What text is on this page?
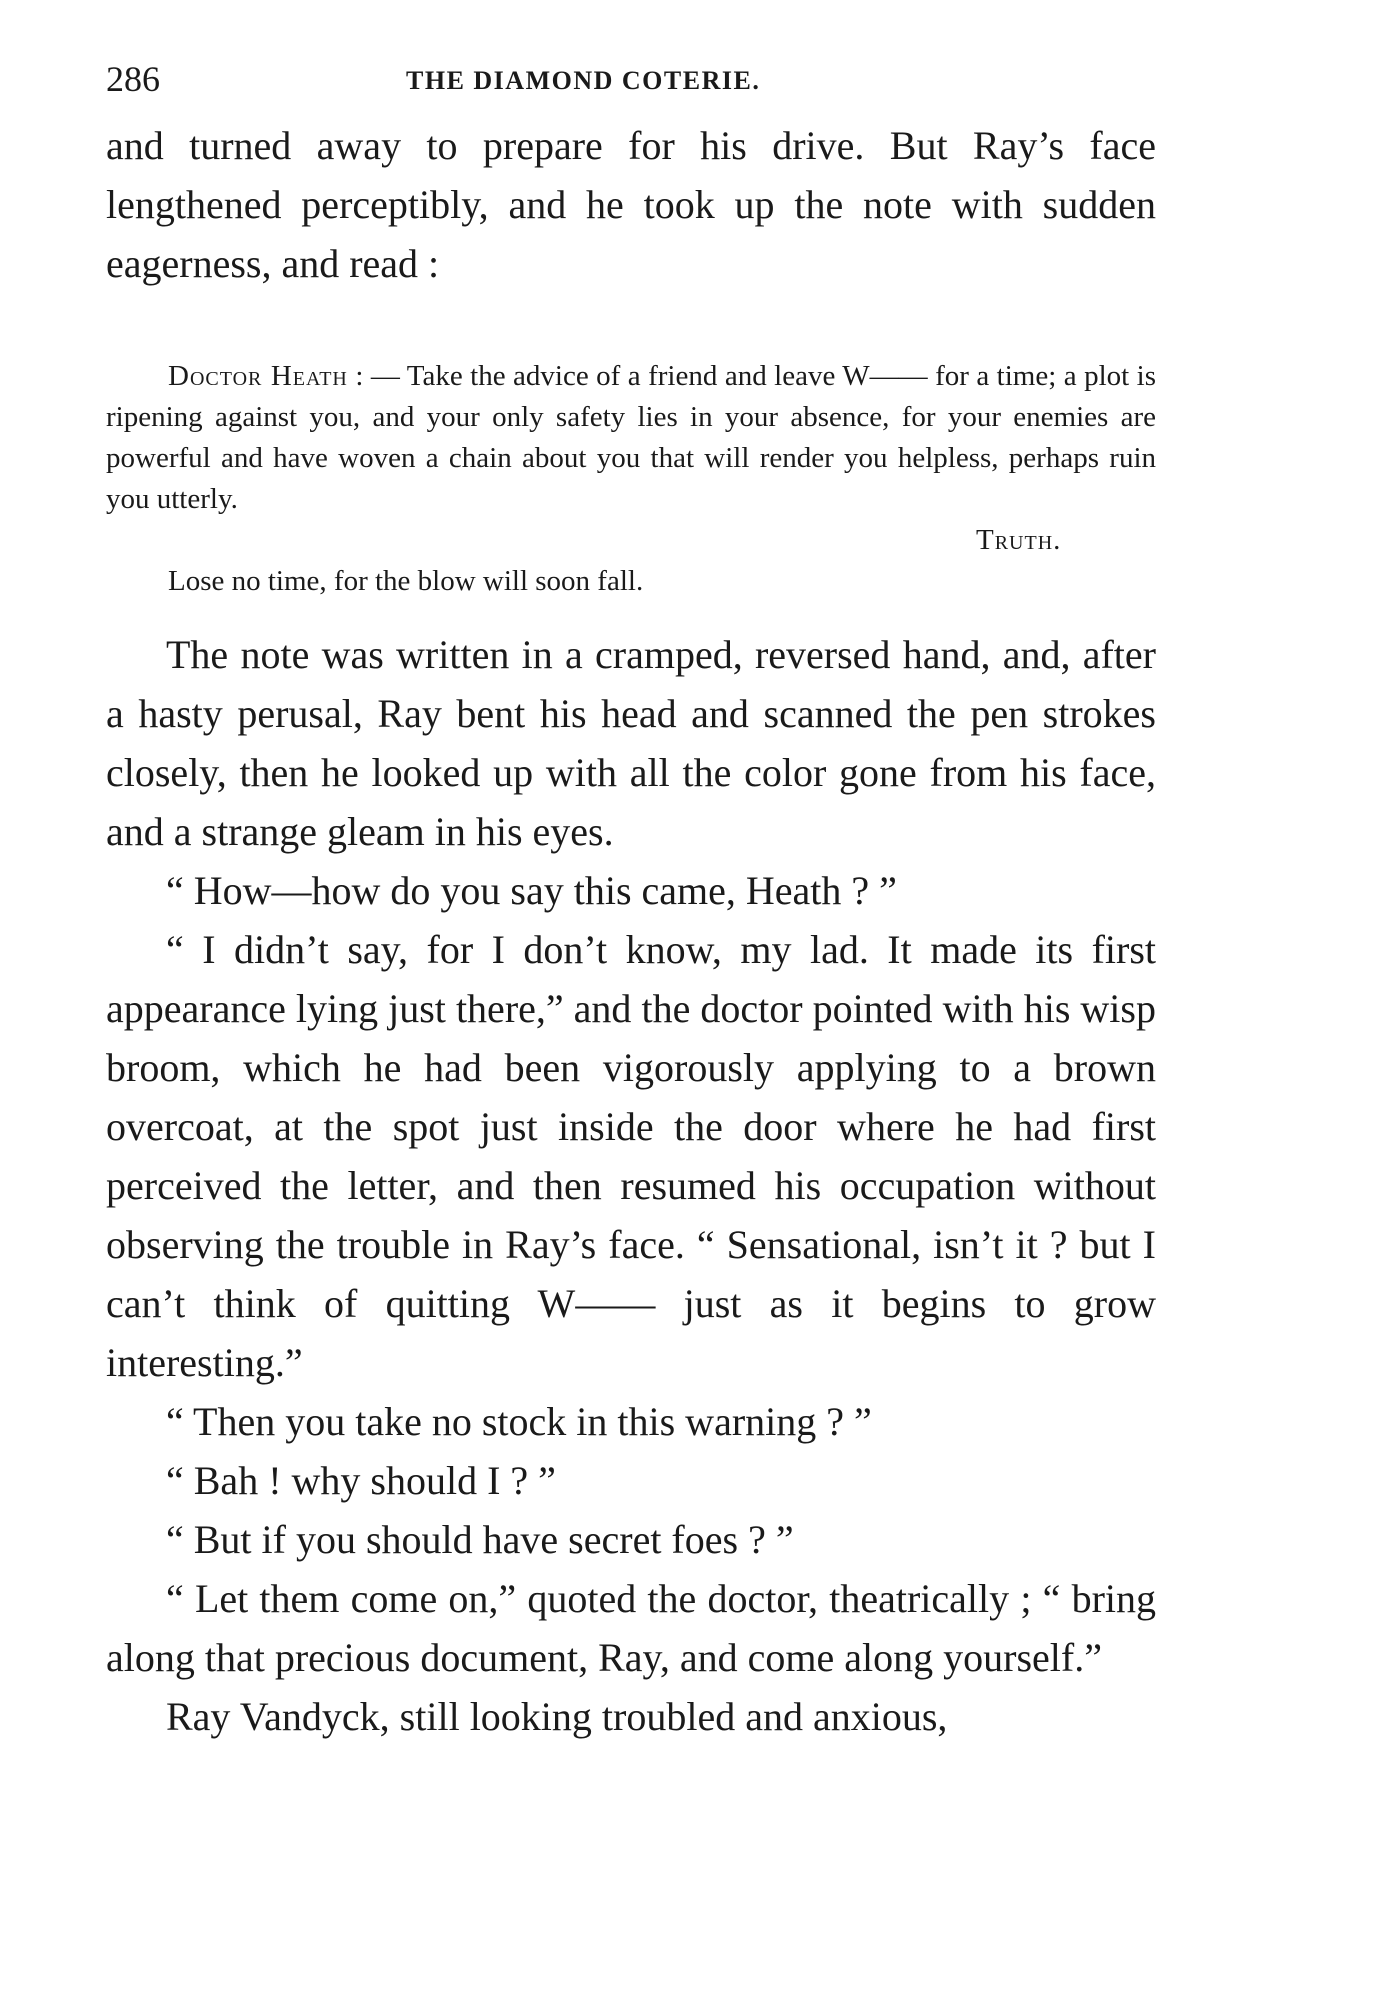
286	THE DIAMOND COTERIE.

and turned away to prepare for his drive. But Ray’s face lengthened perceptibly, and he took up the note with sudden eagerness, and read :

Doctor Heath : — Take the advice of a friend and leave W—— for a time; a plot is ripening against you, and your only safety lies in your absence, for your enemies are powerful and have woven a chain about you that will render you helpless, perhaps ruin you utterly.

Truth.

Lose no time, for the blow will soon fall.

The note was written in a cramped, reversed hand, and, after a hasty perusal, Ray bent his head and scanned the pen strokes closely, then he looked up with all the color gone from his face, and a strange gleam in his eyes.

“ How—how do you say this came, Heath ? ”

“ I didn’t say, for I don’t know, my lad. It made its first appearance lying just there,” and the doctor pointed with his wisp broom, which he had been vigorously applying to a brown overcoat, at the spot just inside the door where he had first perceived the letter, and then resumed his occupation without observing the trouble in Ray’s face. “ Sensational, isn’t it ? but I can’t think of quitting W—— just as it begins to grow interesting.”

“ Then you take no stock in this warning ? ”

“ Bah ! why should I ? ”

“ But if you should have secret foes ? ”

“ Let them come on,” quoted the doctor, theatrically ; “ bring along that precious document, Ray, and come along yourself.”

Ray Vandyck, still looking troubled and anxious,
